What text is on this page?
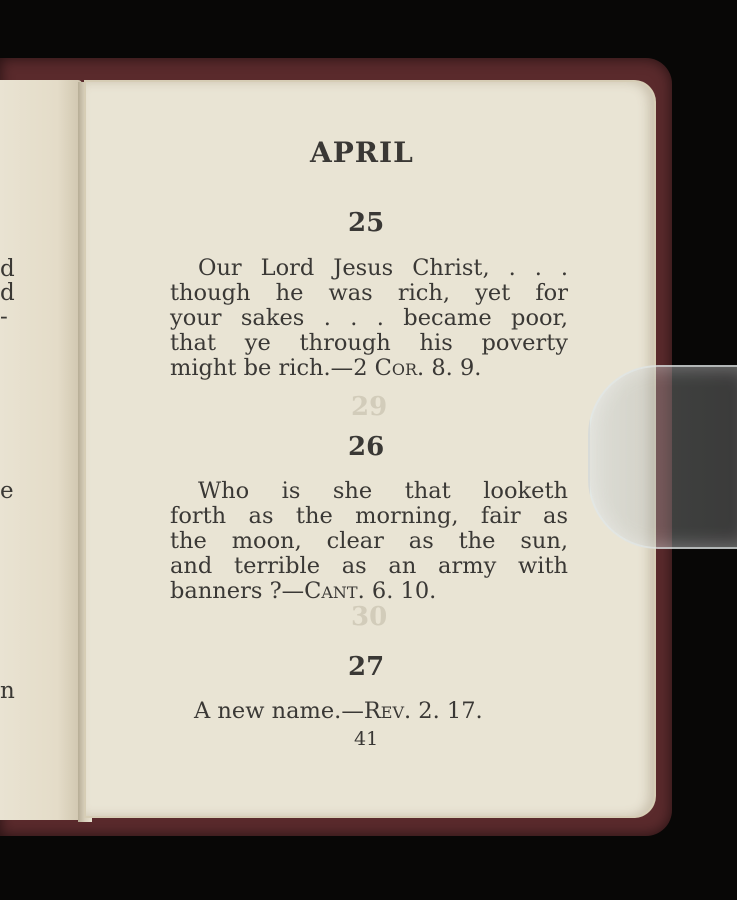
d
d
-
e
n
29
30
APRIL
25
Our Lord Jesus Christ, . . .
though he was rich, yet for
your sakes . . . became poor,
that ye through his poverty
might be rich.—2 Cor. 8. 9.
26
Who is she that looketh
forth as the morning, fair as
the moon, clear as the sun,
and terrible as an army with
banners ?—Cant. 6. 10.
27
A new name.—Rev. 2. 17.
41
